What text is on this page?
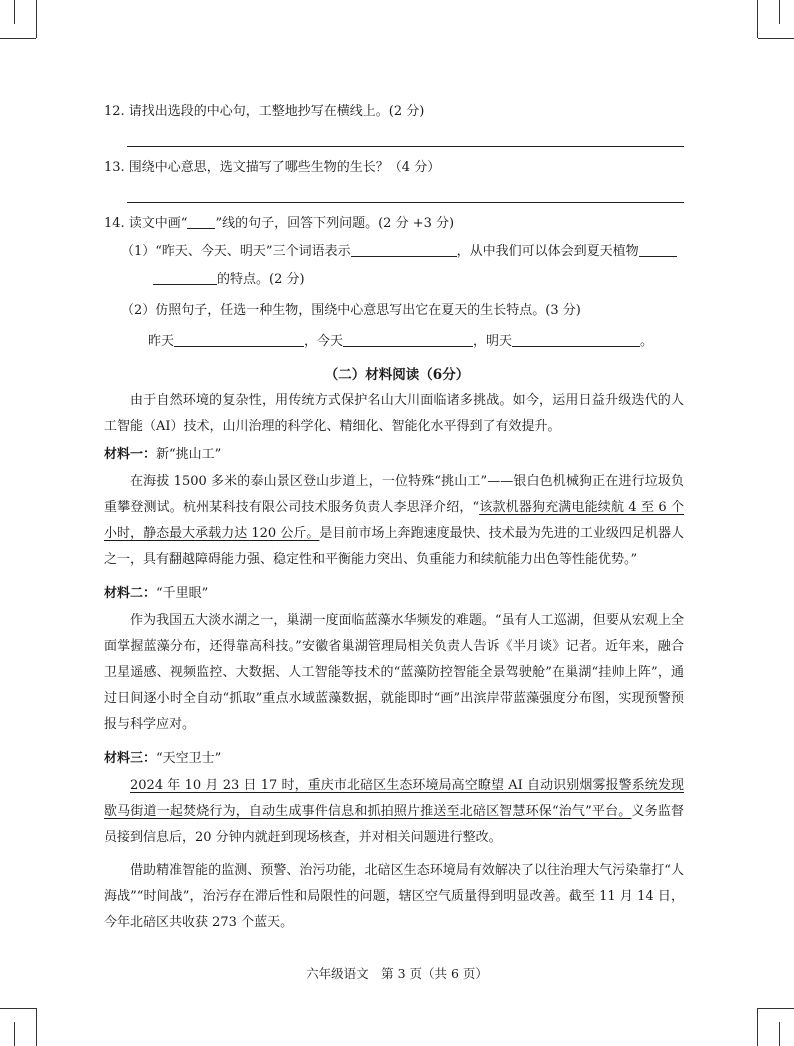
12. 请找出选段的中心句，工整地抄写在横线上。(2 分)
13. 围绕中心意思，选文描写了哪些生物的生长？（4 分）
14. 读文中画“ ”线的句子，回答下列问题。(2 分 +3 分)
（1）“昨天、今天、明天”三个词语表示	，从中我们可以体会到夏天植物
的特点。(2 分)
（2）仿照句子，任选一种生物，围绕中心意思写出它在夏天的生长特点。(3 分)
昨天	，今天	，明天	。
（二）材料阅读（6分）
由于自然环境的复杂性，用传统方式保护名山大川面临诸多挑战。如今，运用日益升级迭代的人工智能（AI）技术，山川治理的科学化、精细化、智能化水平得到了有效提升。
材料一：新“挑山工”
在海拔 1500 多米的泰山景区登山步道上，一位特殊“挑山工”——银白色机械狗正在进行垃圾负重攀登测试。杭州某科技有限公司技术服务负责人李思泽介绍，“该款机器狗充满电能续航 4 至 6 个小时，静态最大承载力达 120 公斤。是目前市场上奔跑速度最快、技术最为先进的工业级四足机器人之一，具有翻越障碍能力强、稳定性和平衡能力突出、负重能力和续航能力出色等性能优势。”
材料二：“千里眼”
作为我国五大淡水湖之一，巢湖一度面临蓝藻水华频发的难题。“虽有人工巡湖，但要从宏观上全面掌握蓝藻分布，还得靠高科技。”安徽省巢湖管理局相关负责人告诉《半月谈》记者。近年来，融合卫星遥感、视频监控、大数据、人工智能等技术的“蓝藻防控智能全景驾驶舱”在巢湖“挂帅上阵”，通过日间逐小时全自动“抓取”重点水域蓝藻数据，就能即时“画”出滨岸带蓝藻强度分布图，实现预警预报与科学应对。
材料三：“天空卫士”
2024 年 10 月 23 日 17 时，重庆市北碚区生态环境局高空瞭望 AI 自动识别烟雾报警系统发现歇马街道一起焚烧行为，自动生成事件信息和抓拍照片推送至北碚区智慧环保“治气”平台。义务监督员接到信息后，20 分钟内就赶到现场核查，并对相关问题进行整改。
借助精准智能的监测、预警、治污功能，北碚区生态环境局有效解决了以往治理大气污染靠打“人海战”“时间战”，治污存在滞后性和局限性的问题，辖区空气质量得到明显改善。截至 11 月 14 日，今年北碚区共收获 273 个蓝天。
六年级语文　第 3 页（共 6 页）
